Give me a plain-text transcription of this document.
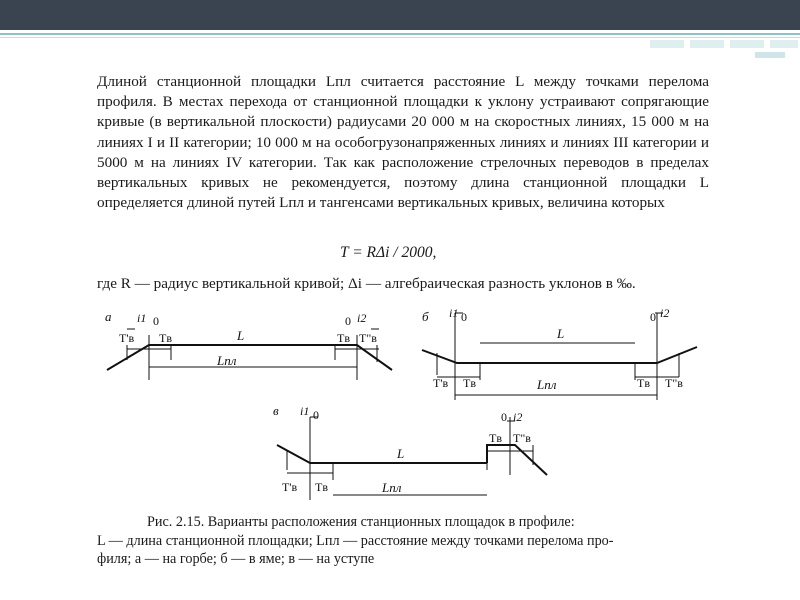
Длиной станционной площадки Lпл считается расстояние L между точками перелома профиля. В местах перехода от станционной площадки к уклону устраивают сопрягающие кривые (в вертикальной плоскости) радиусами 20 000 м на скоростных линиях, 15 000 м на линиях I и II категории; 10 000 м на особогрузонапряженных линиях и линиях III категории и 5000 м на линиях IV категории. Так как расположение стрелочных переводов в пределах вертикальных кривых не рекомендуется, поэтому длина станционной площадки L определяется длиной путей Lпл и тангенсами вертикальных кривых, величина которых
T = RΔi / 2000,
где R — радиус вертикальной кривой; Δi — алгебраическая разность уклонов в ‰.
а i1 0	0 i2
T'в Tв	Tв T"в
L
Lпл
б i1 0	0 i2
T'в Tв	Tв T"в
L
Lпл
в i1 0	0 i2
T'в Tв
Tв T"в
L
Lпл
Рис. 2.15. Варианты расположения станционных площадок в профиле:
L — длина станционной площадки; Lпл — расстояние между точками перелома про-
филя; а — на горбе; б — в яме; в — на уступе
